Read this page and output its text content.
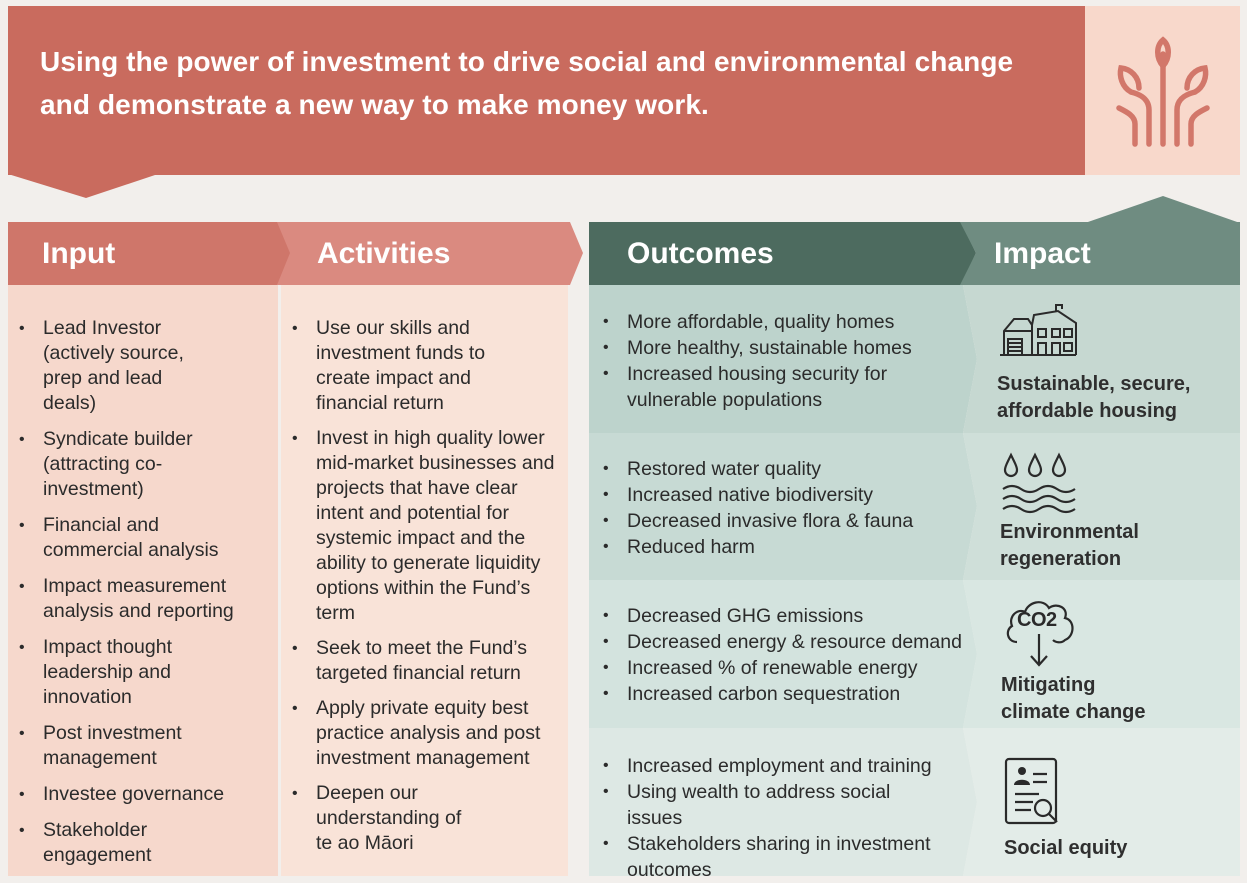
Using the power of investment to drive social and environmental change and demonstrate a new way to make money work.
Input	Activities	Outcomes	Impact
• Lead Investor (actively source, prep and lead deals)
• Syndicate builder (attracting co-investment)
• Financial and commercial analysis
• Impact measurement analysis and reporting
• Impact thought leadership and innovation
• Post investment management
• Investee governance
• Stakeholder engagement
• Use our skills and investment funds to create impact and financial return
• Invest in high quality lower mid-market businesses and projects that have clear intent and potential for systemic impact and the ability to generate liquidity options within the Fund’s term
• Seek to meet the Fund’s targeted financial return
• Apply private equity best practice analysis and post investment management
• Deepen our understanding of te ao Māori
• More affordable, quality homes
• More healthy, sustainable homes
• Increased housing security for vulnerable populations
Sustainable, secure,
affordable housing
• Restored water quality
• Increased native biodiversity
• Decreased invasive flora & fauna
• Reduced harm
Environmental
regeneration
• Decreased GHG emissions
• Decreased energy & resource demand
• Increased % of renewable energy
• Increased carbon sequestration
CO2
Mitigating
climate change
• Increased employment and training
• Using wealth to address social issues
• Stakeholders sharing in investment outcomes
Social equity
